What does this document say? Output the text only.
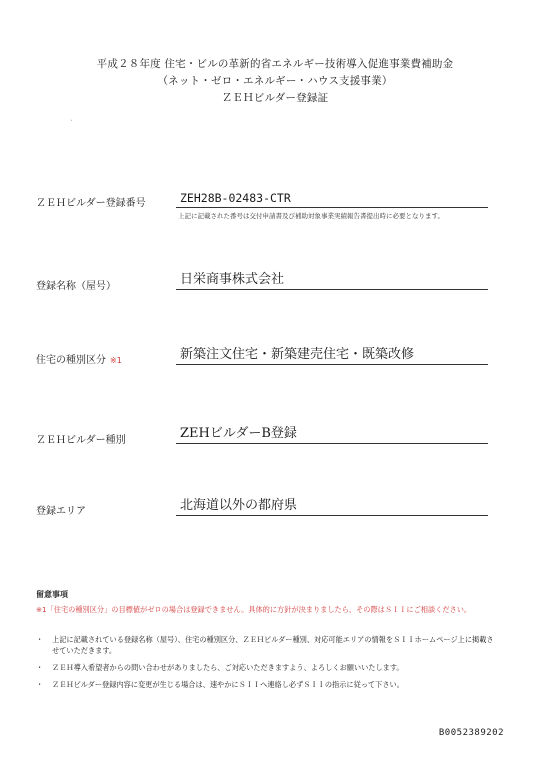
平成２８年度 住宅・ビルの革新的省エネルギー技術導入促進事業費補助金
（ネット・ゼロ・エネルギー・ハウス支援事業）
ＺＥＨビルダー登録証
ˏ
ＺＥＨビルダー登録番号	ZEH28B-02483-CTR
上記に記載された番号は交付申請書及び補助対象事業実績報告書提出時に必要となります。
登録名称（屋号）	日栄商事株式会社
住宅の種別区分 ※1	新築注文住宅・新築建売住宅・既築改修
ＺＥＨビルダー種別	ZEHビルダーB登録
登録エリア	北海道以外の都府県
留意事項
※1「住宅の種別区分」の目標値がゼロの場合は登録できません。具体的に方針が決まりましたら、その際はＳＩＩにご相談ください。
・ 上記に記載されている登録名称（屋号）、住宅の種別区分、ＺＥＨビルダー種別、対応可能エリアの情報をＳＩＩホームページ上に掲載させていただきます。
・ ＺＥＨ導入希望者からの問い合わせがありましたら、ご対応いただきますよう、よろしくお願いいたします。
・ ＺＥＨビルダー登録内容に変更が生じる場合は、速やかにＳＩＩへ連絡し必ずＳＩＩの指示に従って下さい。
B0052389202
